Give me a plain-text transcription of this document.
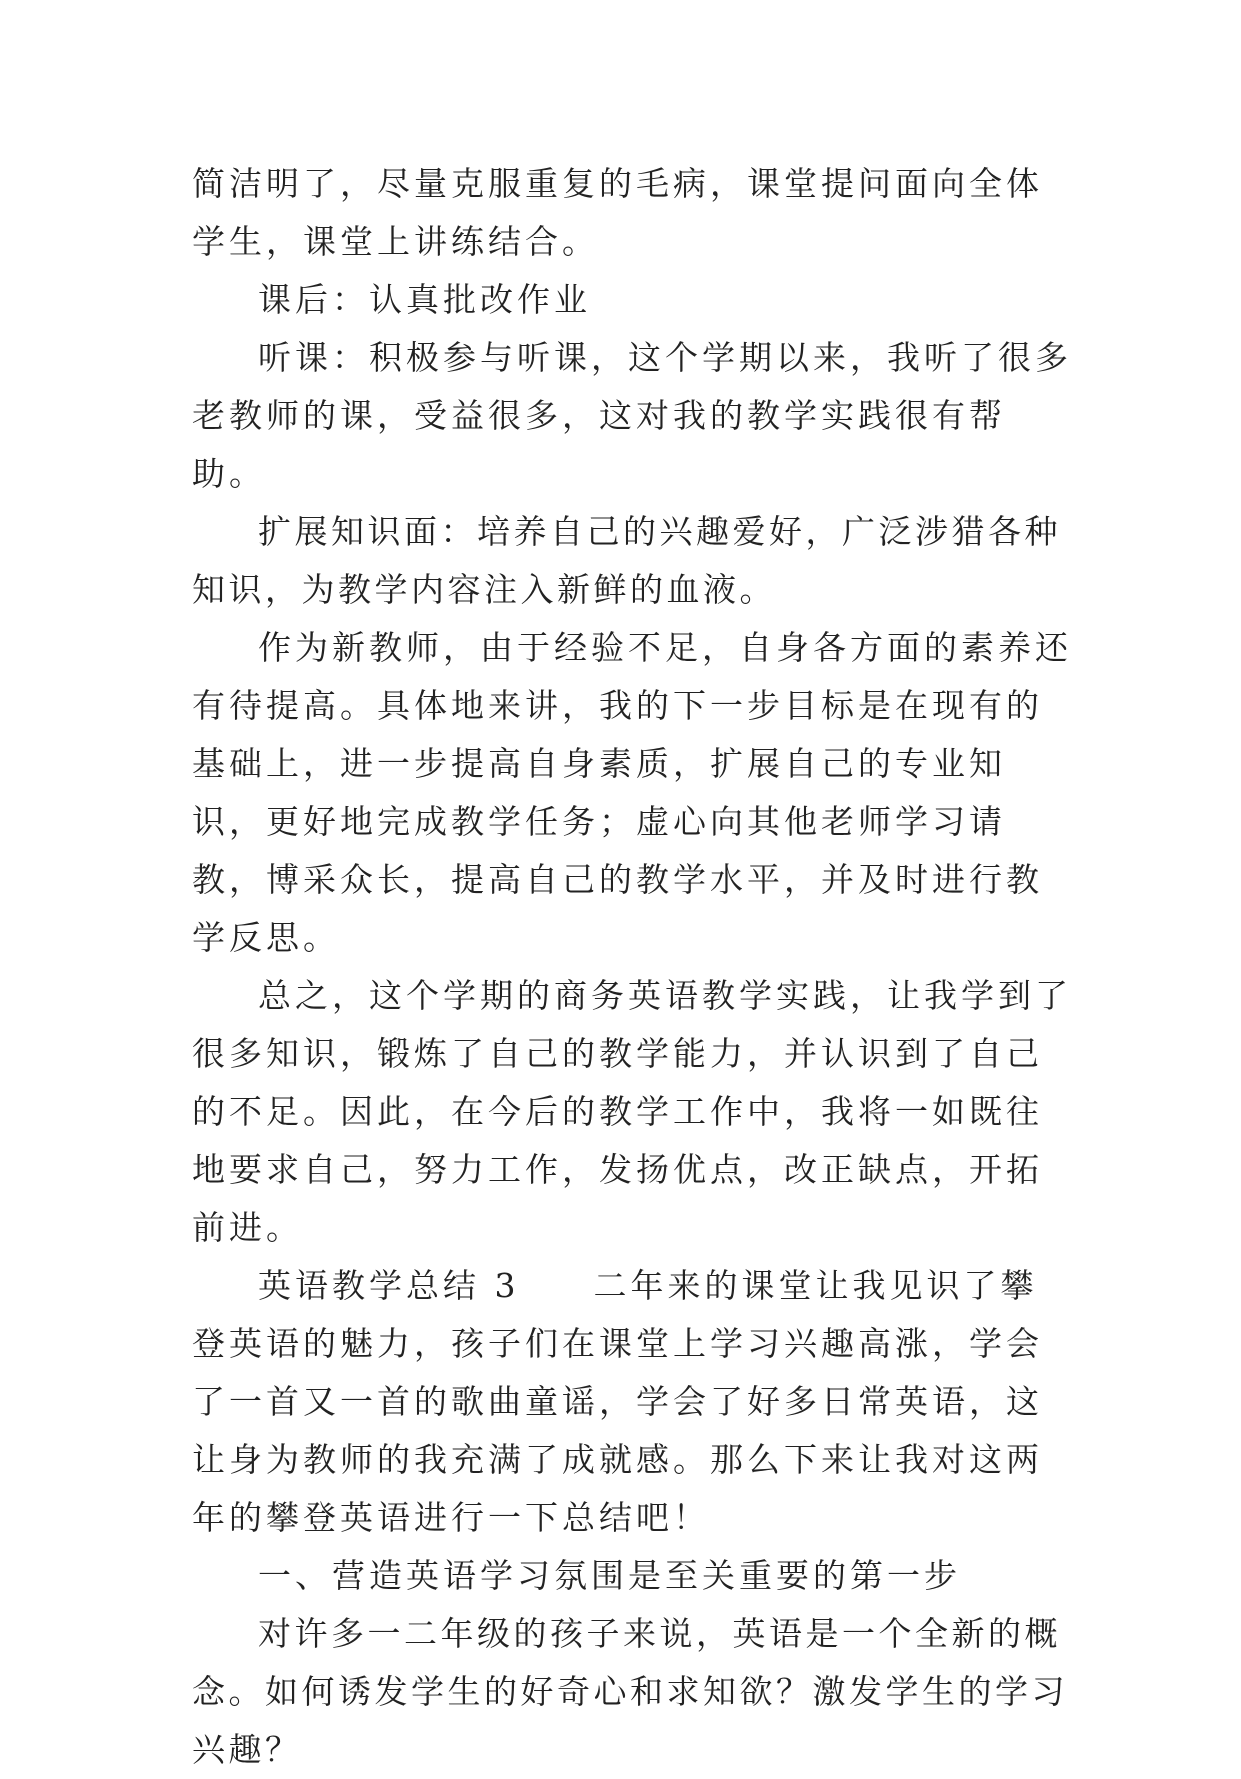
简洁明了，尽量克服重复的毛病，课堂提问面向全体学生，课堂上讲练结合。

课后：认真批改作业

听课：积极参与听课，这个学期以来，我听了很多老教师的课，受益很多，这对我的教学实践很有帮助。

扩展知识面：培养自己的兴趣爱好，广泛涉猎各种知识，为教学内容注入新鲜的血液。

作为新教师，由于经验不足，自身各方面的素养还有待提高。具体地来讲，我的下一步目标是在现有的基础上，进一步提高自身素质，扩展自己的专业知识，更好地完成教学任务；虚心向其他老师学习请教，博采众长，提高自己的教学水平，并及时进行教学反思。

总之，这个学期的商务英语教学实践，让我学到了很多知识，锻炼了自己的教学能力，并认识到了自己的不足。因此，在今后的教学工作中，我将一如既往地要求自己，努力工作，发扬优点，改正缺点，开拓前进。

英语教学总结 3　　二年来的课堂让我见识了攀登英语的魅力，孩子们在课堂上学习兴趣高涨，学会了一首又一首的歌曲童谣，学会了好多日常英语，这让身为教师的我充满了成就感。那么下来让我对这两年的攀登英语进行一下总结吧！

一、营造英语学习氛围是至关重要的第一步

对许多一二年级的孩子来说，英语是一个全新的概念。如何诱发学生的好奇心和求知欲？激发学生的学习兴趣？
